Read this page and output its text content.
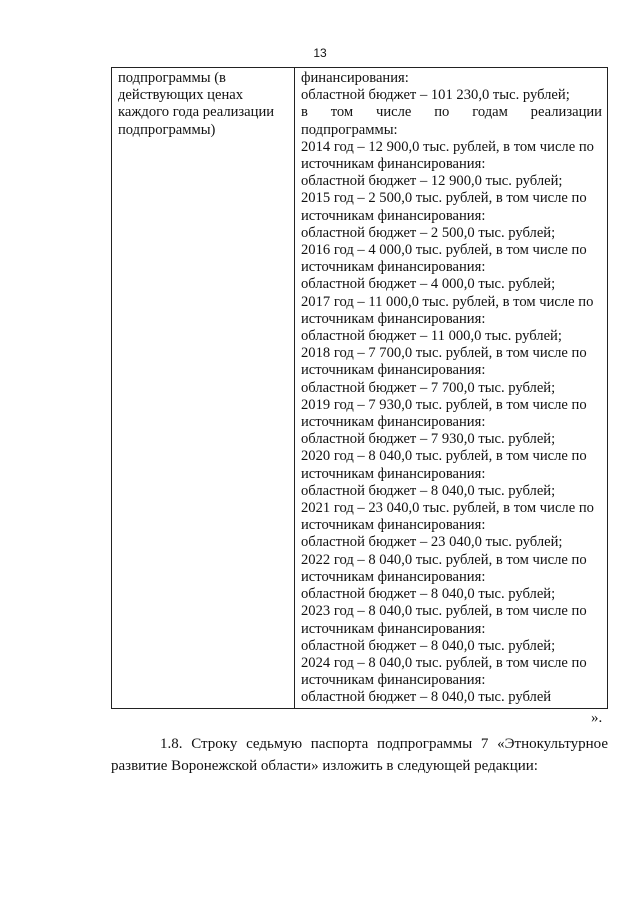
13
подпрограммы (в
действующих ценах
каждого года реализации
подпрограммы)
финансирования:
областной бюджет – 101 230,0 тыс. рублей;
в том числе по годам реализации
подпрограммы:
2014 год – 12 900,0 тыс. рублей, в том числе по
источникам финансирования:
областной бюджет – 12 900,0 тыс. рублей;
2015 год – 2 500,0 тыс. рублей, в том числе по
источникам финансирования:
областной бюджет – 2 500,0 тыс. рублей;
2016 год – 4 000,0 тыс. рублей, в том числе по
источникам финансирования:
областной бюджет – 4 000,0 тыс. рублей;
2017 год – 11 000,0 тыс. рублей, в том числе по
источникам финансирования:
областной бюджет – 11 000,0 тыс. рублей;
2018 год – 7 700,0 тыс. рублей, в том числе по
источникам финансирования:
областной бюджет – 7 700,0 тыс. рублей;
2019 год – 7 930,0 тыс. рублей, в том числе по
источникам финансирования:
областной бюджет – 7 930,0 тыс. рублей;
2020 год – 8 040,0 тыс. рублей, в том числе по
источникам финансирования:
областной бюджет – 8 040,0 тыс. рублей;
2021 год – 23 040,0 тыс. рублей, в том числе по
источникам финансирования:
областной бюджет – 23 040,0 тыс. рублей;
2022 год – 8 040,0 тыс. рублей, в том числе по
источникам финансирования:
областной бюджет – 8 040,0 тыс. рублей;
2023 год – 8 040,0 тыс. рублей, в том числе по
источникам финансирования:
областной бюджет – 8 040,0 тыс. рублей;
2024 год – 8 040,0 тыс. рублей, в том числе по
источникам финансирования:
областной бюджет – 8 040,0 тыс. рублей
».
1.8. Строку седьмую паспорта подпрограммы 7 «Этнокультурное
развитие Воронежской области» изложить в следующей редакции:
